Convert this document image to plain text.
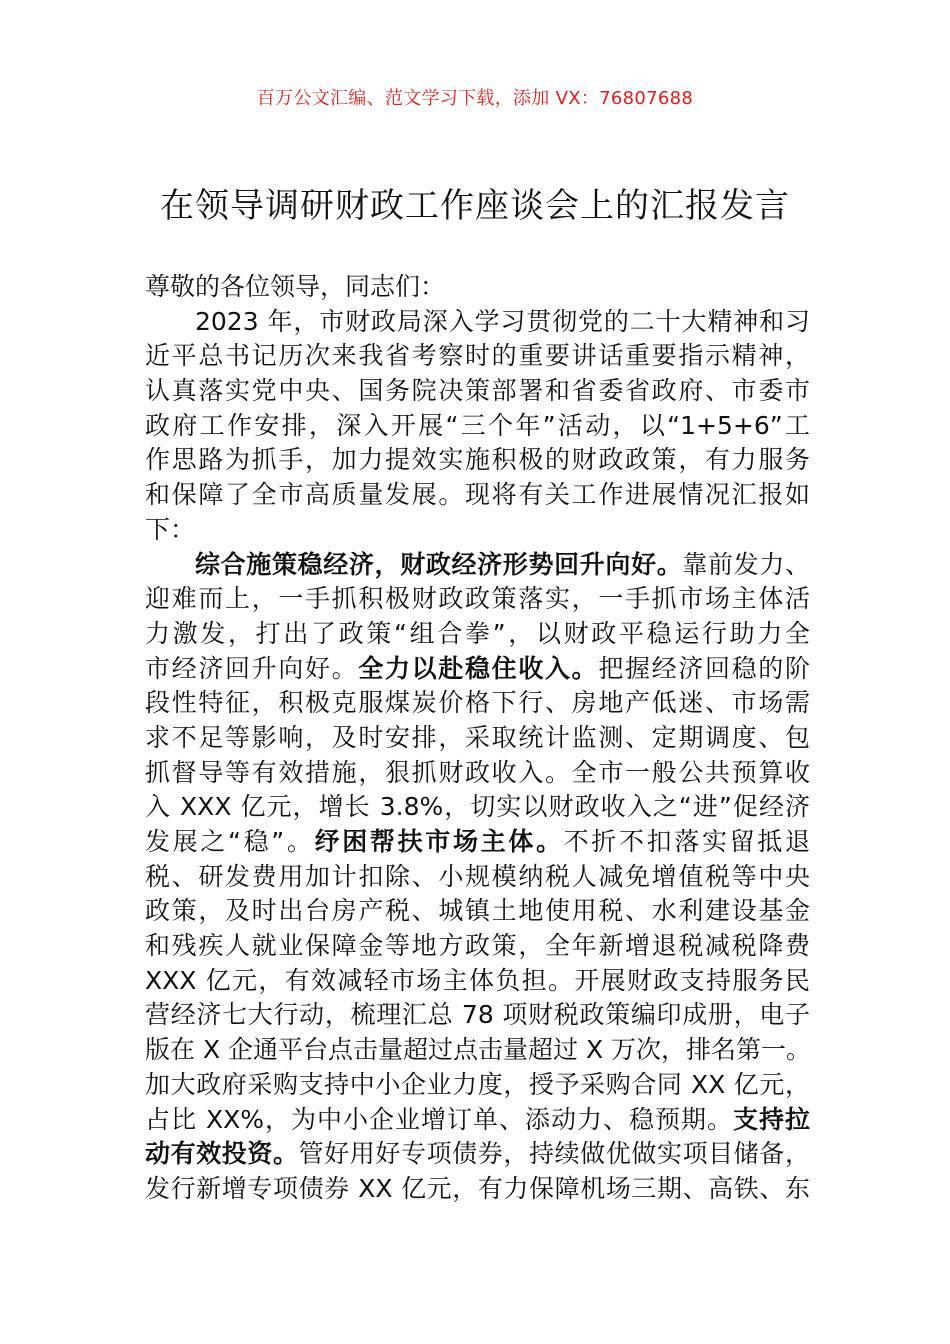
百万公文汇编、范文学习下载，添加 VX：76807688
在领导调研财政工作座谈会上的汇报发言
尊敬的各位领导，同志们：
2023 年，市财政局深入学习贯彻党的二十大精神和习
近平总书记历次来我省考察时的重要讲话重要指示精神，
认真落实党中央、国务院决策部署和省委省政府、市委市
政府工作安排，深入开展“三个年”活动，以“1+5+6”工
作思路为抓手，加力提效实施积极的财政政策，有力服务
和保障了全市高质量发展。现将有关工作进展情况汇报如
下：
综合施策稳经济，财政经济形势回升向好。靠前发力、
迎难而上，一手抓积极财政政策落实，一手抓市场主体活
力激发，打出了政策“组合拳”，以财政平稳运行助力全
市经济回升向好。全力以赴稳住收入。把握经济回稳的阶
段性特征，积极克服煤炭价格下行、房地产低迷、市场需
求不足等影响，及时安排，采取统计监测、定期调度、包
抓督导等有效措施，狠抓财政收入。全市一般公共预算收
入 XXX 亿元，增长 3.8%，切实以财政收入之“进”促经济
发展之“稳”。纾困帮扶市场主体。不折不扣落实留抵退
税、研发费用加计扣除、小规模纳税人减免增值税等中央
政策，及时出台房产税、城镇土地使用税、水利建设基金
和残疾人就业保障金等地方政策，全年新增退税减税降费
XXX 亿元，有效减轻市场主体负担。开展财政支持服务民
营经济七大行动，梳理汇总 78 项财税政策编印成册，电子
版在 X 企通平台点击量超过点击量超过 X 万次，排名第一。
加大政府采购支持中小企业力度，授予采购合同 XX 亿元，
占比 XX%，为中小企业增订单、添动力、稳预期。支持拉
动有效投资。管好用好专项债券，持续做优做实项目储备，
发行新增专项债券 XX 亿元，有力保障机场三期、高铁、东
